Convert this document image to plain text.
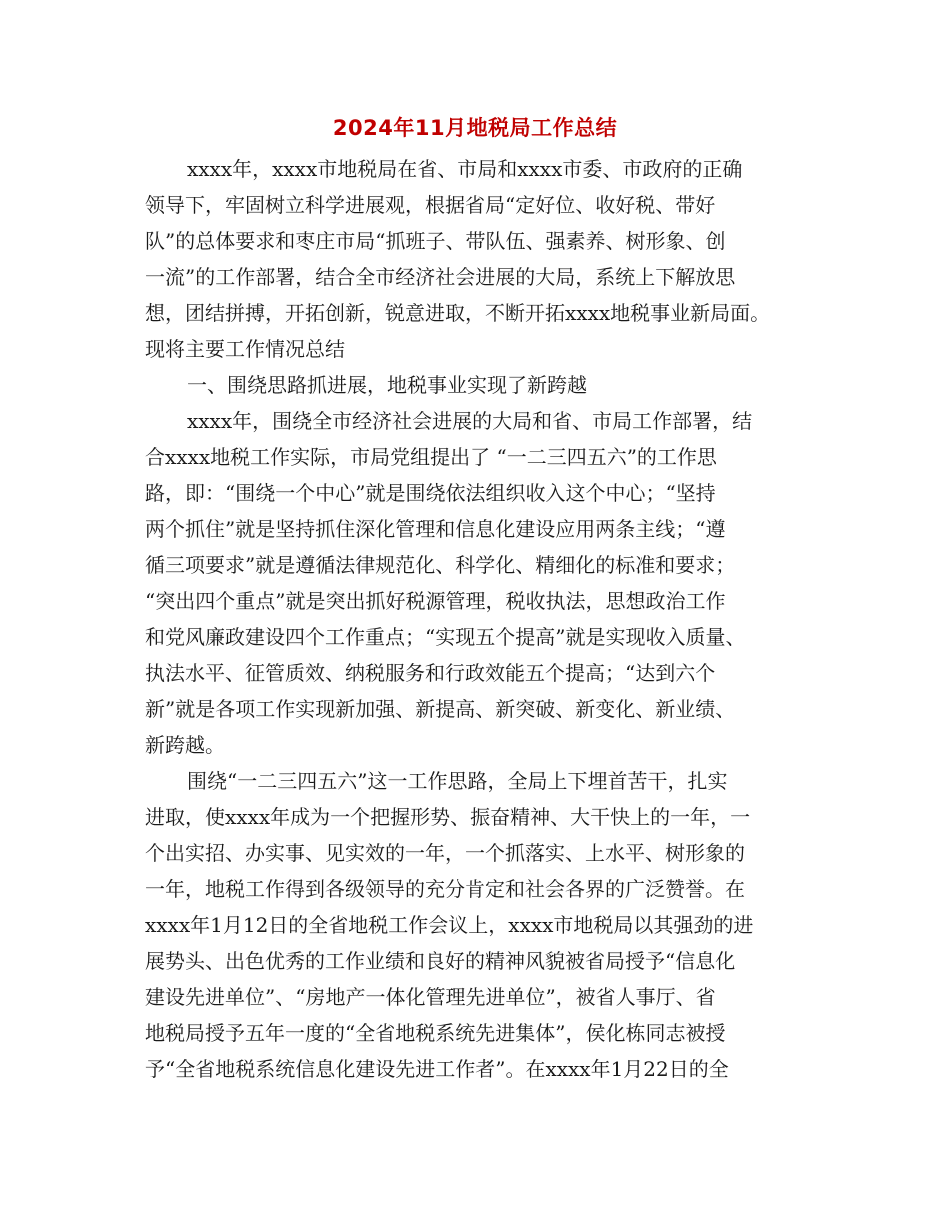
2024年11月地税局工作总结
xxxx年，xxxx市地税局在省、市局和xxxx市委、市政府的正确
领导下，牢固树立科学进展观，根据省局“定好位、收好税、带好
队”的总体要求和枣庄市局“抓班子、带队伍、强素养、树形象、创
一流”的工作部署，结合全市经济社会进展的大局，系统上下解放思
想，团结拼搏，开拓创新，锐意进取，不断开拓xxxx地税事业新局面。
现将主要工作情况总结
一、围绕思路抓进展，地税事业实现了新跨越
xxxx年，围绕全市经济社会进展的大局和省、市局工作部署，结
合xxxx地税工作实际，市局党组提出了 “一二三四五六”的工作思
路，即：“围绕一个中心”就是围绕依法组织收入这个中心；“坚持
两个抓住”就是坚持抓住深化管理和信息化建设应用两条主线；“遵
循三项要求”就是遵循法律规范化、科学化、精细化的标准和要求；
“突出四个重点”就是突出抓好税源管理，税收执法，思想政治工作
和党风廉政建设四个工作重点；“实现五个提高”就是实现收入质量、
执法水平、征管质效、纳税服务和行政效能五个提高；“达到六个
新”就是各项工作实现新加强、新提高、新突破、新变化、新业绩、
新跨越。
围绕“一二三四五六”这一工作思路，全局上下埋首苦干，扎实
进取，使xxxx年成为一个把握形势、振奋精神、大干快上的一年，一
个出实招、办实事、见实效的一年，一个抓落实、上水平、树形象的
一年，地税工作得到各级领导的充分肯定和社会各界的广泛赞誉。在
xxxx年1月12日的全省地税工作会议上，xxxx市地税局以其强劲的进
展势头、出色优秀的工作业绩和良好的精神风貌被省局授予“信息化
建设先进单位”、“房地产一体化管理先进单位”，被省人事厅、省
地税局授予五年一度的“全省地税系统先进集体”，侯化栋同志被授
予“全省地税系统信息化建设先进工作者”。在xxxx年1月22日的全
